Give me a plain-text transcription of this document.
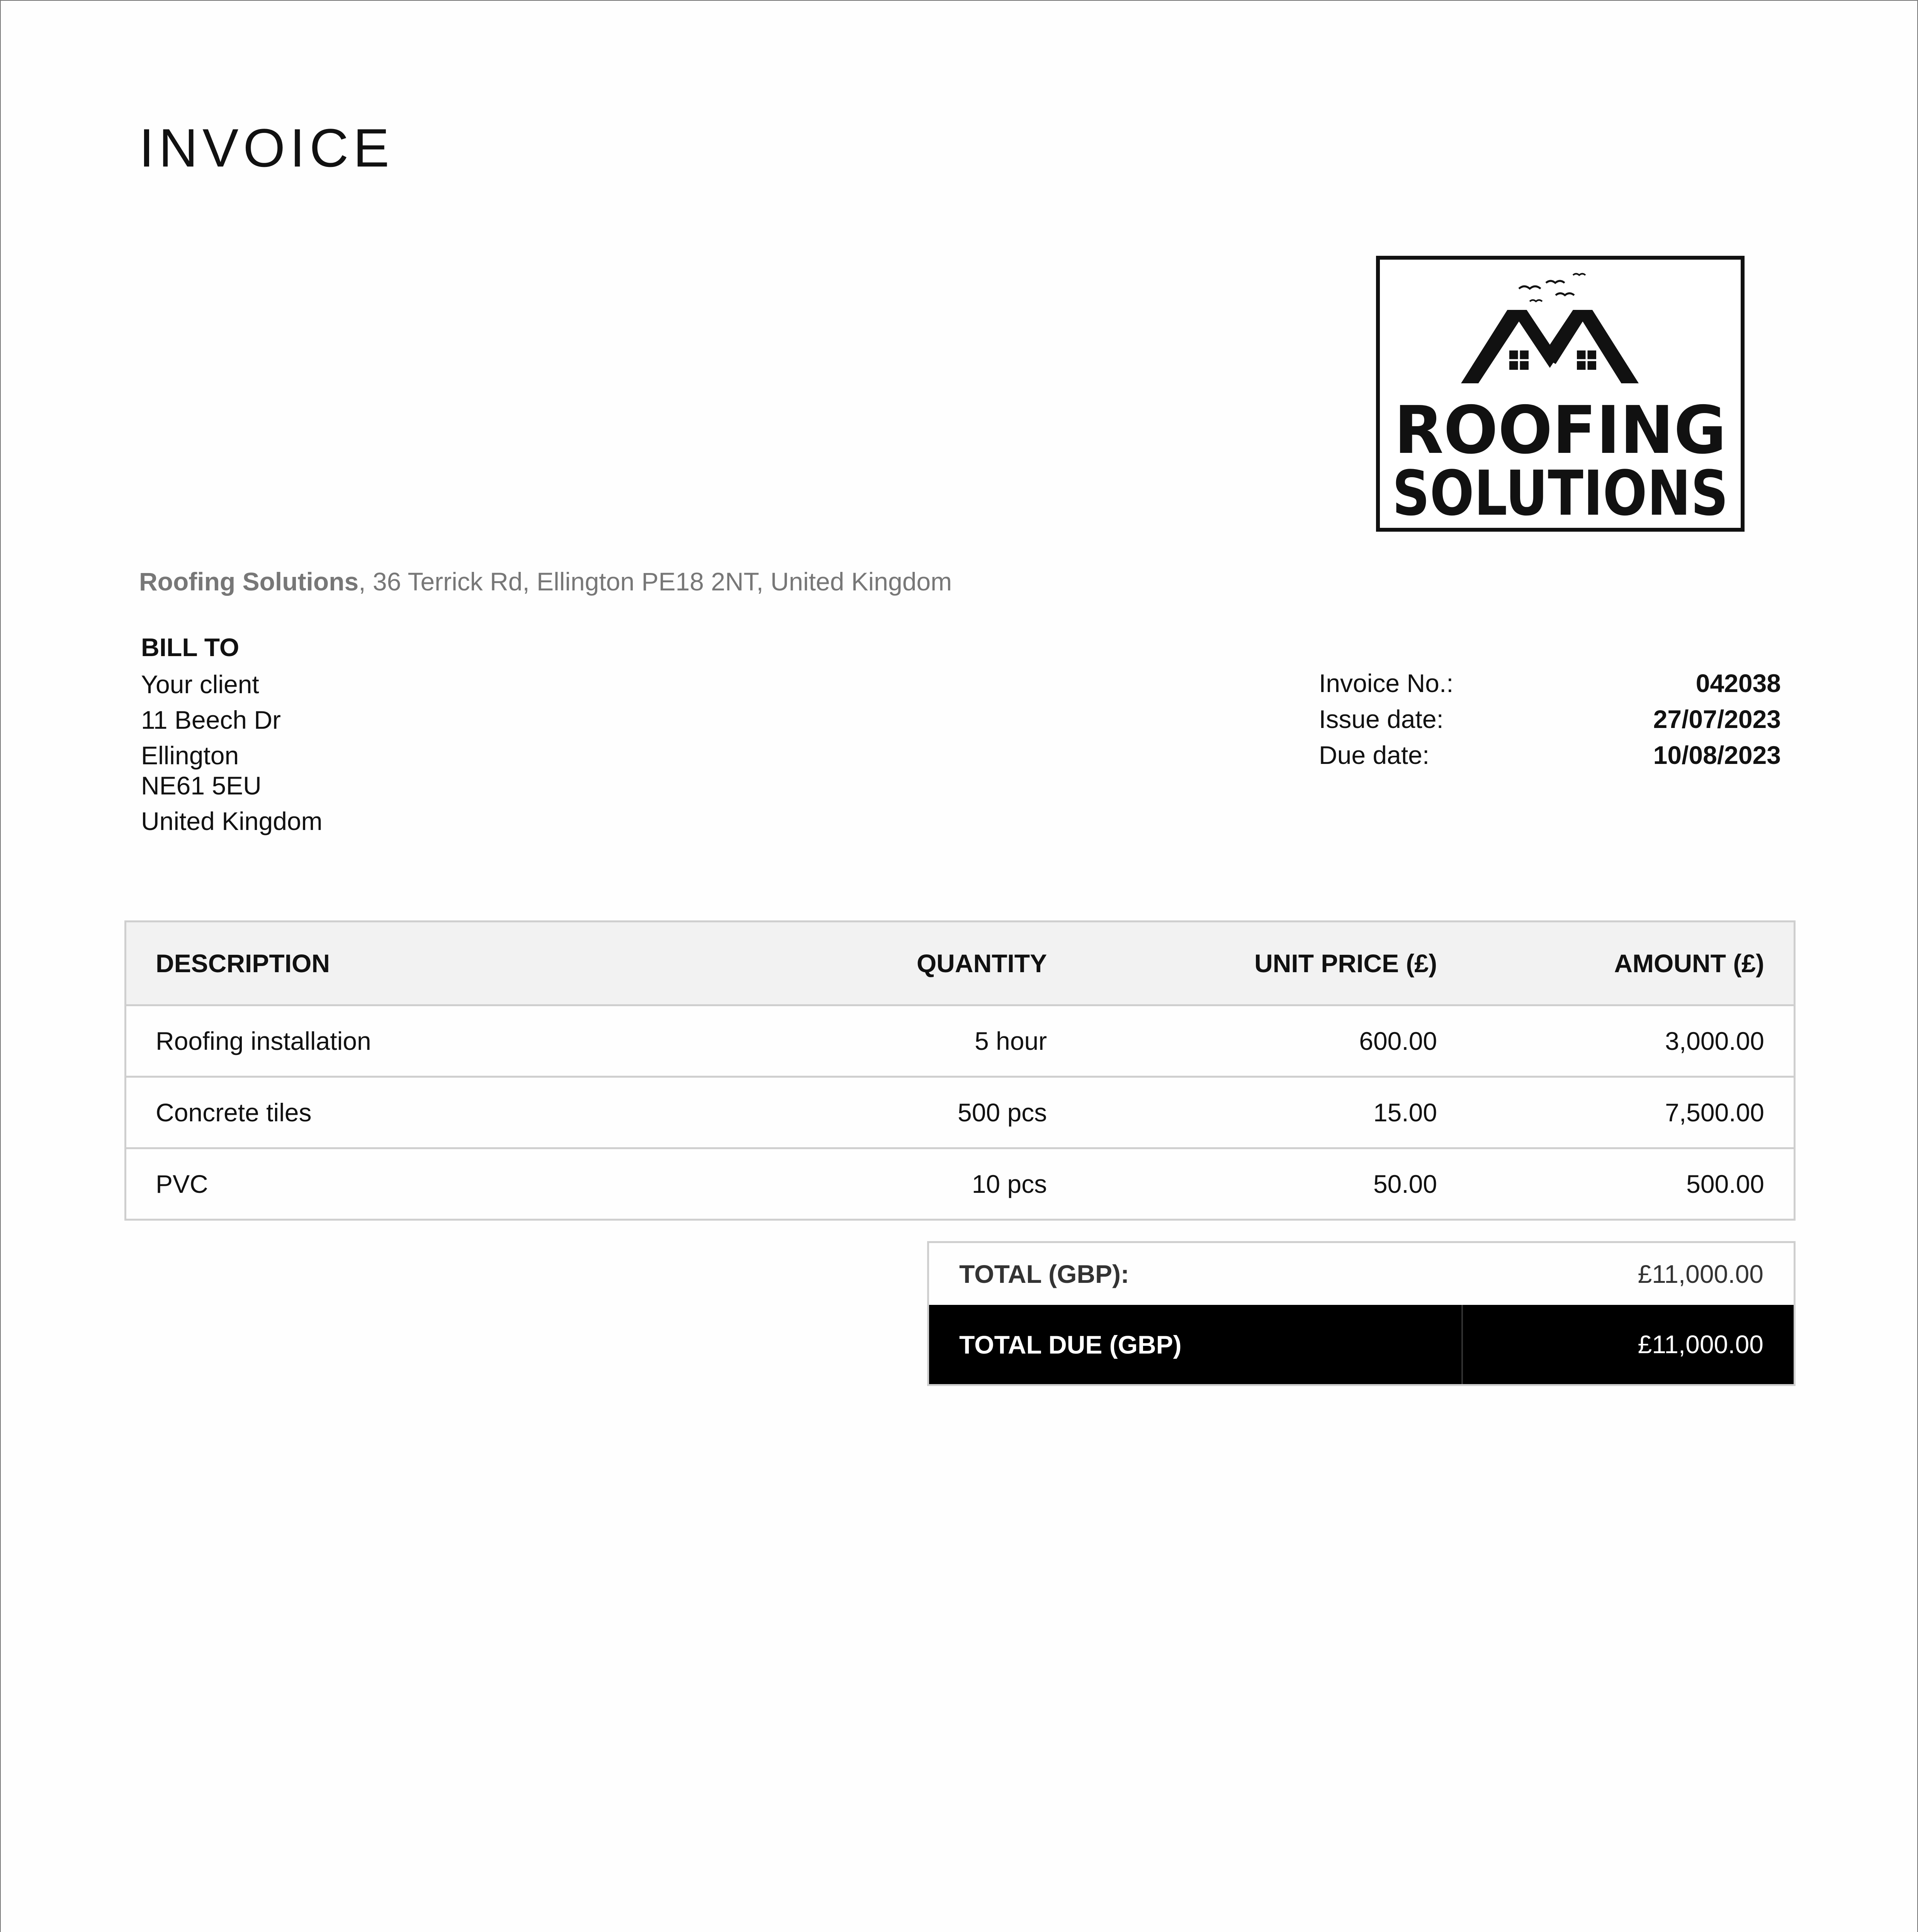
INVOICE
ROOFING
SOLUTIONS
Roofing Solutions, 36 Terrick Rd, Ellington PE18 2NT, United Kingdom
BILL TO
Your client
11 Beech Dr
Ellington
NE61 5EU
United Kingdom
Invoice No.:	042038
Issue date:	27/07/2023
Due date:	10/08/2023
DESCRIPTION	QUANTITY	UNIT PRICE (£)	AMOUNT (£)
Roofing installation	5 hour	600.00	3,000.00
Concrete tiles	500 pcs	15.00	7,500.00
PVC	10 pcs	50.00	500.00
TOTAL (GBP):	£11,000.00
TOTAL DUE (GBP)	£11,000.00
